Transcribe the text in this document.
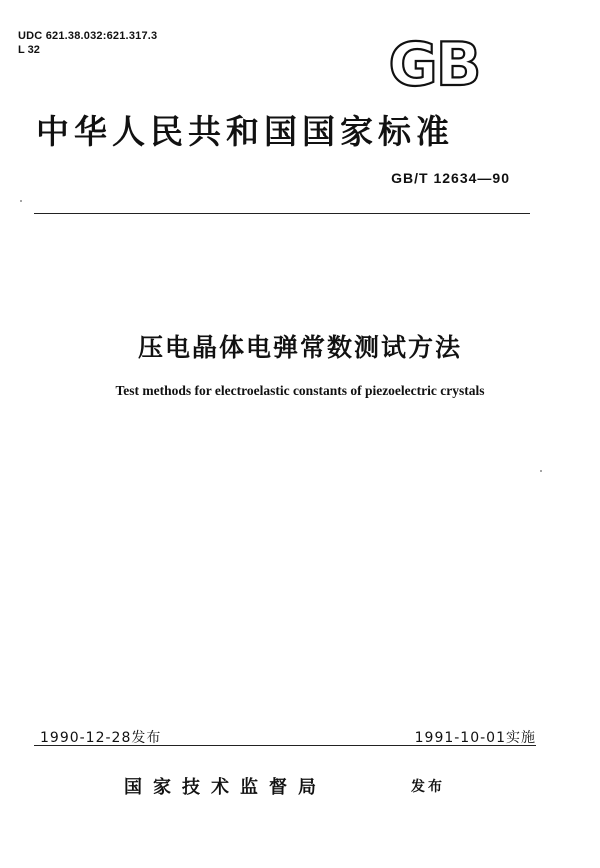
UDC 621.38.032:621.317.3
L 32	GB
中华人民共和国国家标准
GB/T 12634—90
压电晶体电弹常数测试方法
Test methods for electroelastic constants of piezoelectric crystals
1990-12-28发布	1991-10-01实施
国家技术监督局	发布
